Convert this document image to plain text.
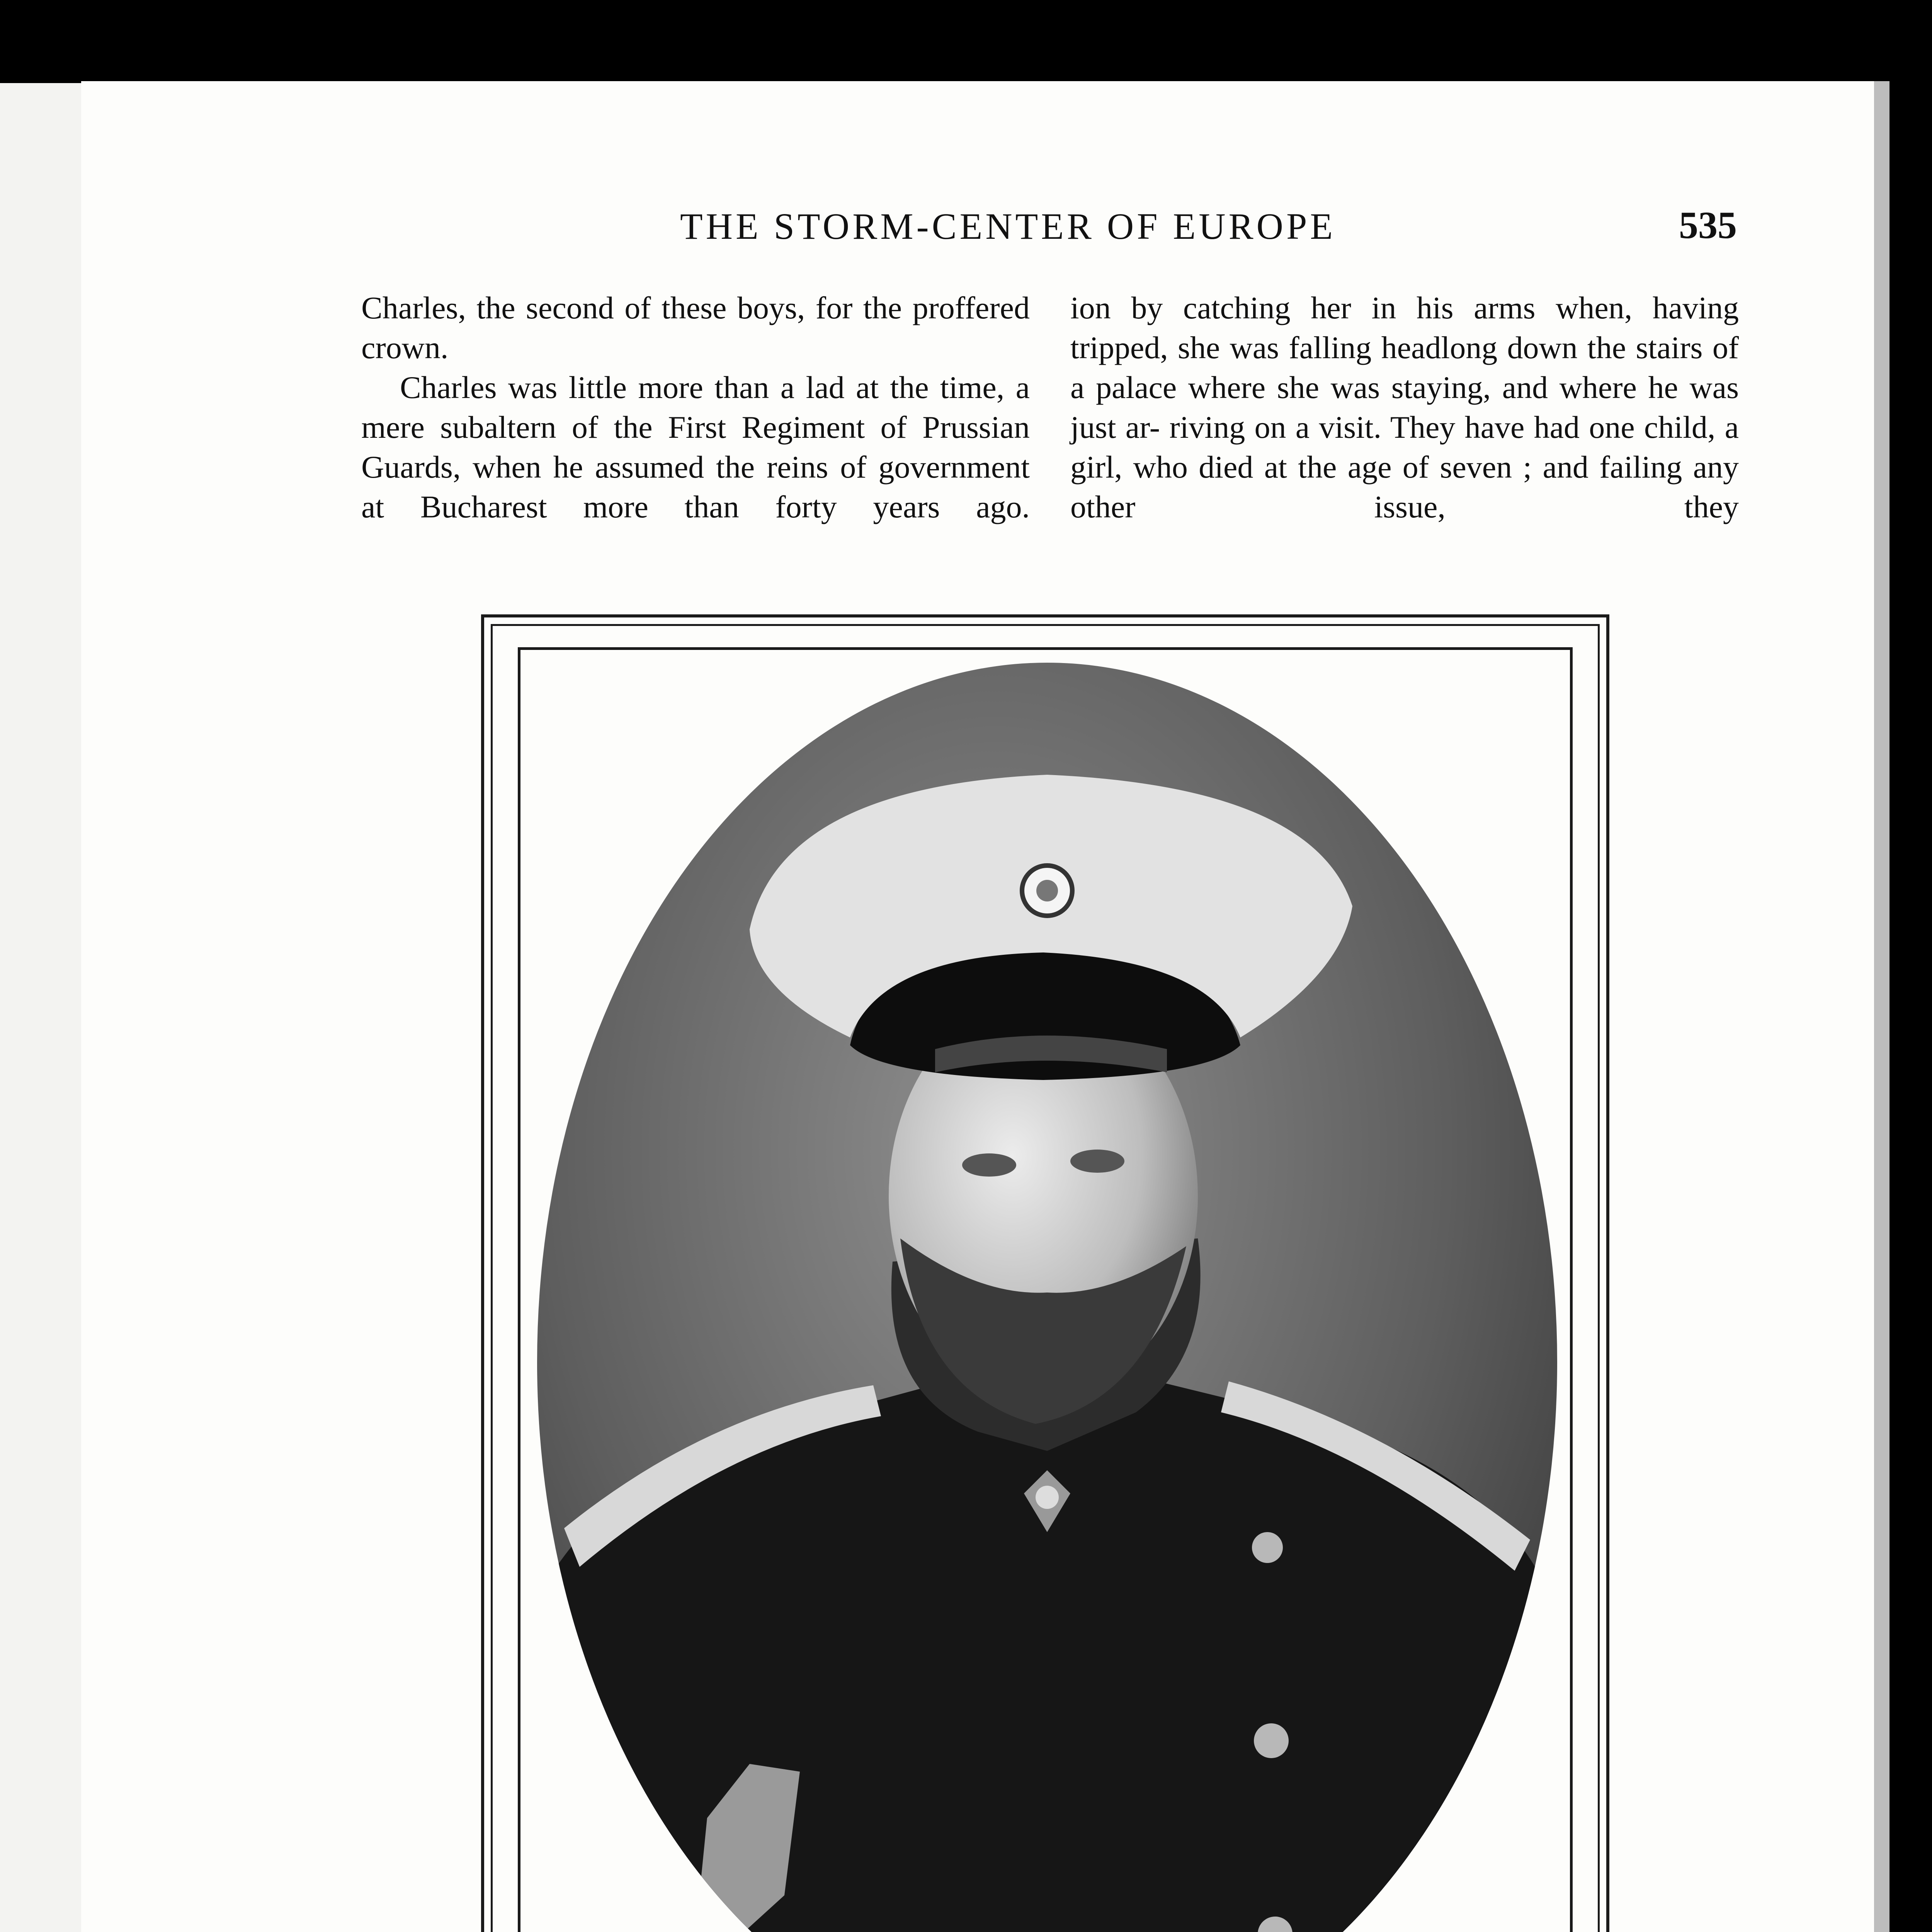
THE STORM-CENTER OF EUROPE	535

Charles, the second of these boys, for the proffered crown.

Charles was little more than a lad at the time, a mere subaltern of the First Regiment of Prussian Guards, when he assumed the reins of government at Bucharest more than forty years ago.

ion by catching her in his arms when, having tripped, she was falling headlong down the stairs of a palace where she was staying, and where he was just ar- riving on a visit. They have had one child, a girl, who died at the age of seven ; and failing any other issue, they
